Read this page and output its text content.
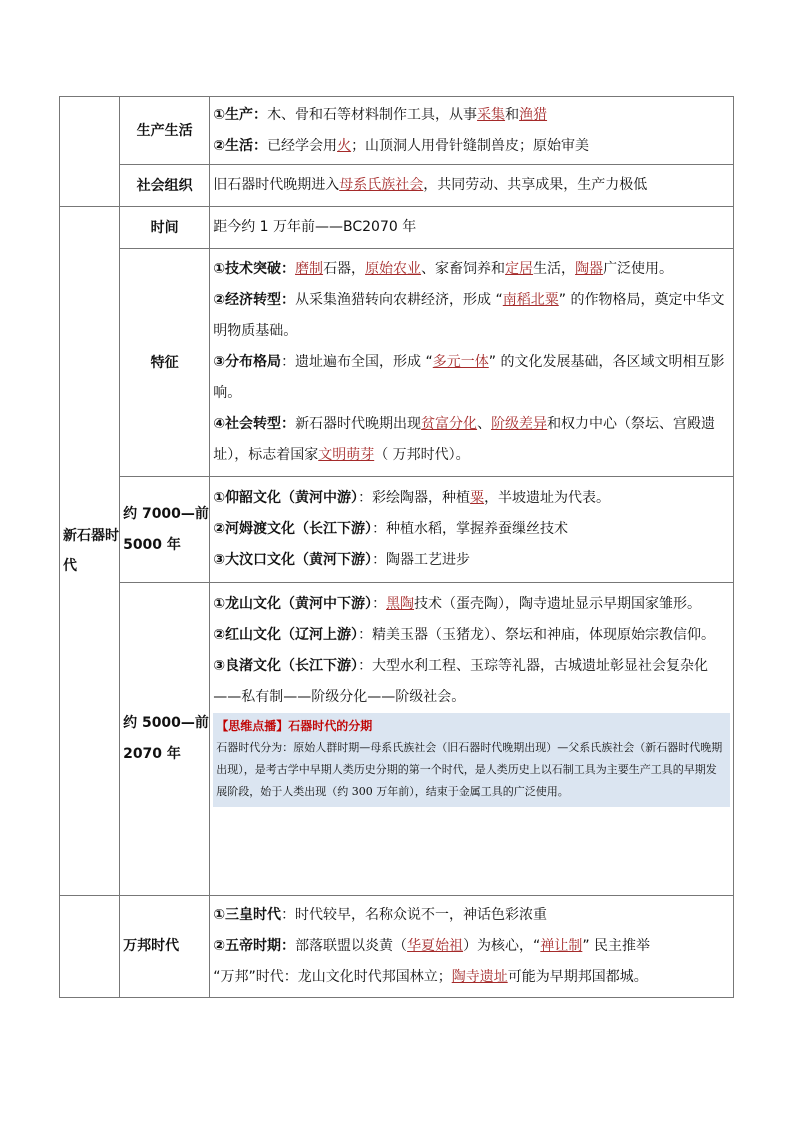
	生产生活	①生产：木、骨和石等材料制作工具，从事采集和渔猎

②生活：已经学会用火；山顶洞人用骨针缝制兽皮；原始审美

	社会组织	旧石器时代晚期进入母系氏族社会，共同劳动、共享成果，生产力极低

新石器时代	时间	距今约 1 万年前——BC2070 年
	特征	①技术突破：磨制石器，原始农业、家畜饲养和定居生活，陶器广泛使用。

②经济转型：从采集渔猎转向农耕经济，形成 “南稻北粟” 的作物格局，奠定中华文明物质基础。

③分布格局：遗址遍布全国，形成 “多元一体” 的文化发展基础，各区域文明相互影响。

④社会转型：新石器时代晚期出现贫富分化、阶级差异和权力中心（祭坛、宫殿遗址），标志着国家文明萌芽（ 万邦时代）。

	约 7000—前 5000 年	①仰韶文化（黄河中游）：彩绘陶器，种植粟，半坡遗址为代表。

②河姆渡文化（长江下游）：种植水稻，掌握养蚕缫丝技术

③大汶口文化（黄河下游）：陶器工艺进步

	约 5000—前 2070 年	①龙山文化（黄河中下游）：黑陶技术（蛋壳陶），陶寺遗址显示早期国家雏形。

②红山文化（辽河上游）：精美玉器（玉猪龙）、祭坛和神庙，体现原始宗教信仰。

③良渚文化（长江下游）：大型水利工程、玉琮等礼器，古城遗址彰显社会复杂化——私有制——阶级分化——阶级社会。

【思维点播】石器时代的分期
石器时代分为：原始人群时期—母系氏族社会（旧石器时代晚期出现）—父系氏族社会（新石器时代晚期出现），是考古学中早期人类历史分期的第一个时代，是人类历史上以石制工具为主要生产工具的早期发展阶段，始于人类出现（约 300 万年前），结束于金属工具的广泛使用。

	万邦时代	①三皇时代：时代较早，名称众说不一，神话色彩浓重

②五帝时期：部落联盟以炎黄（华夏始祖）为核心，“禅让制” 民主推举

“万邦”时代：龙山文化时代邦国林立；陶寺遗址可能为早期邦国都城。
